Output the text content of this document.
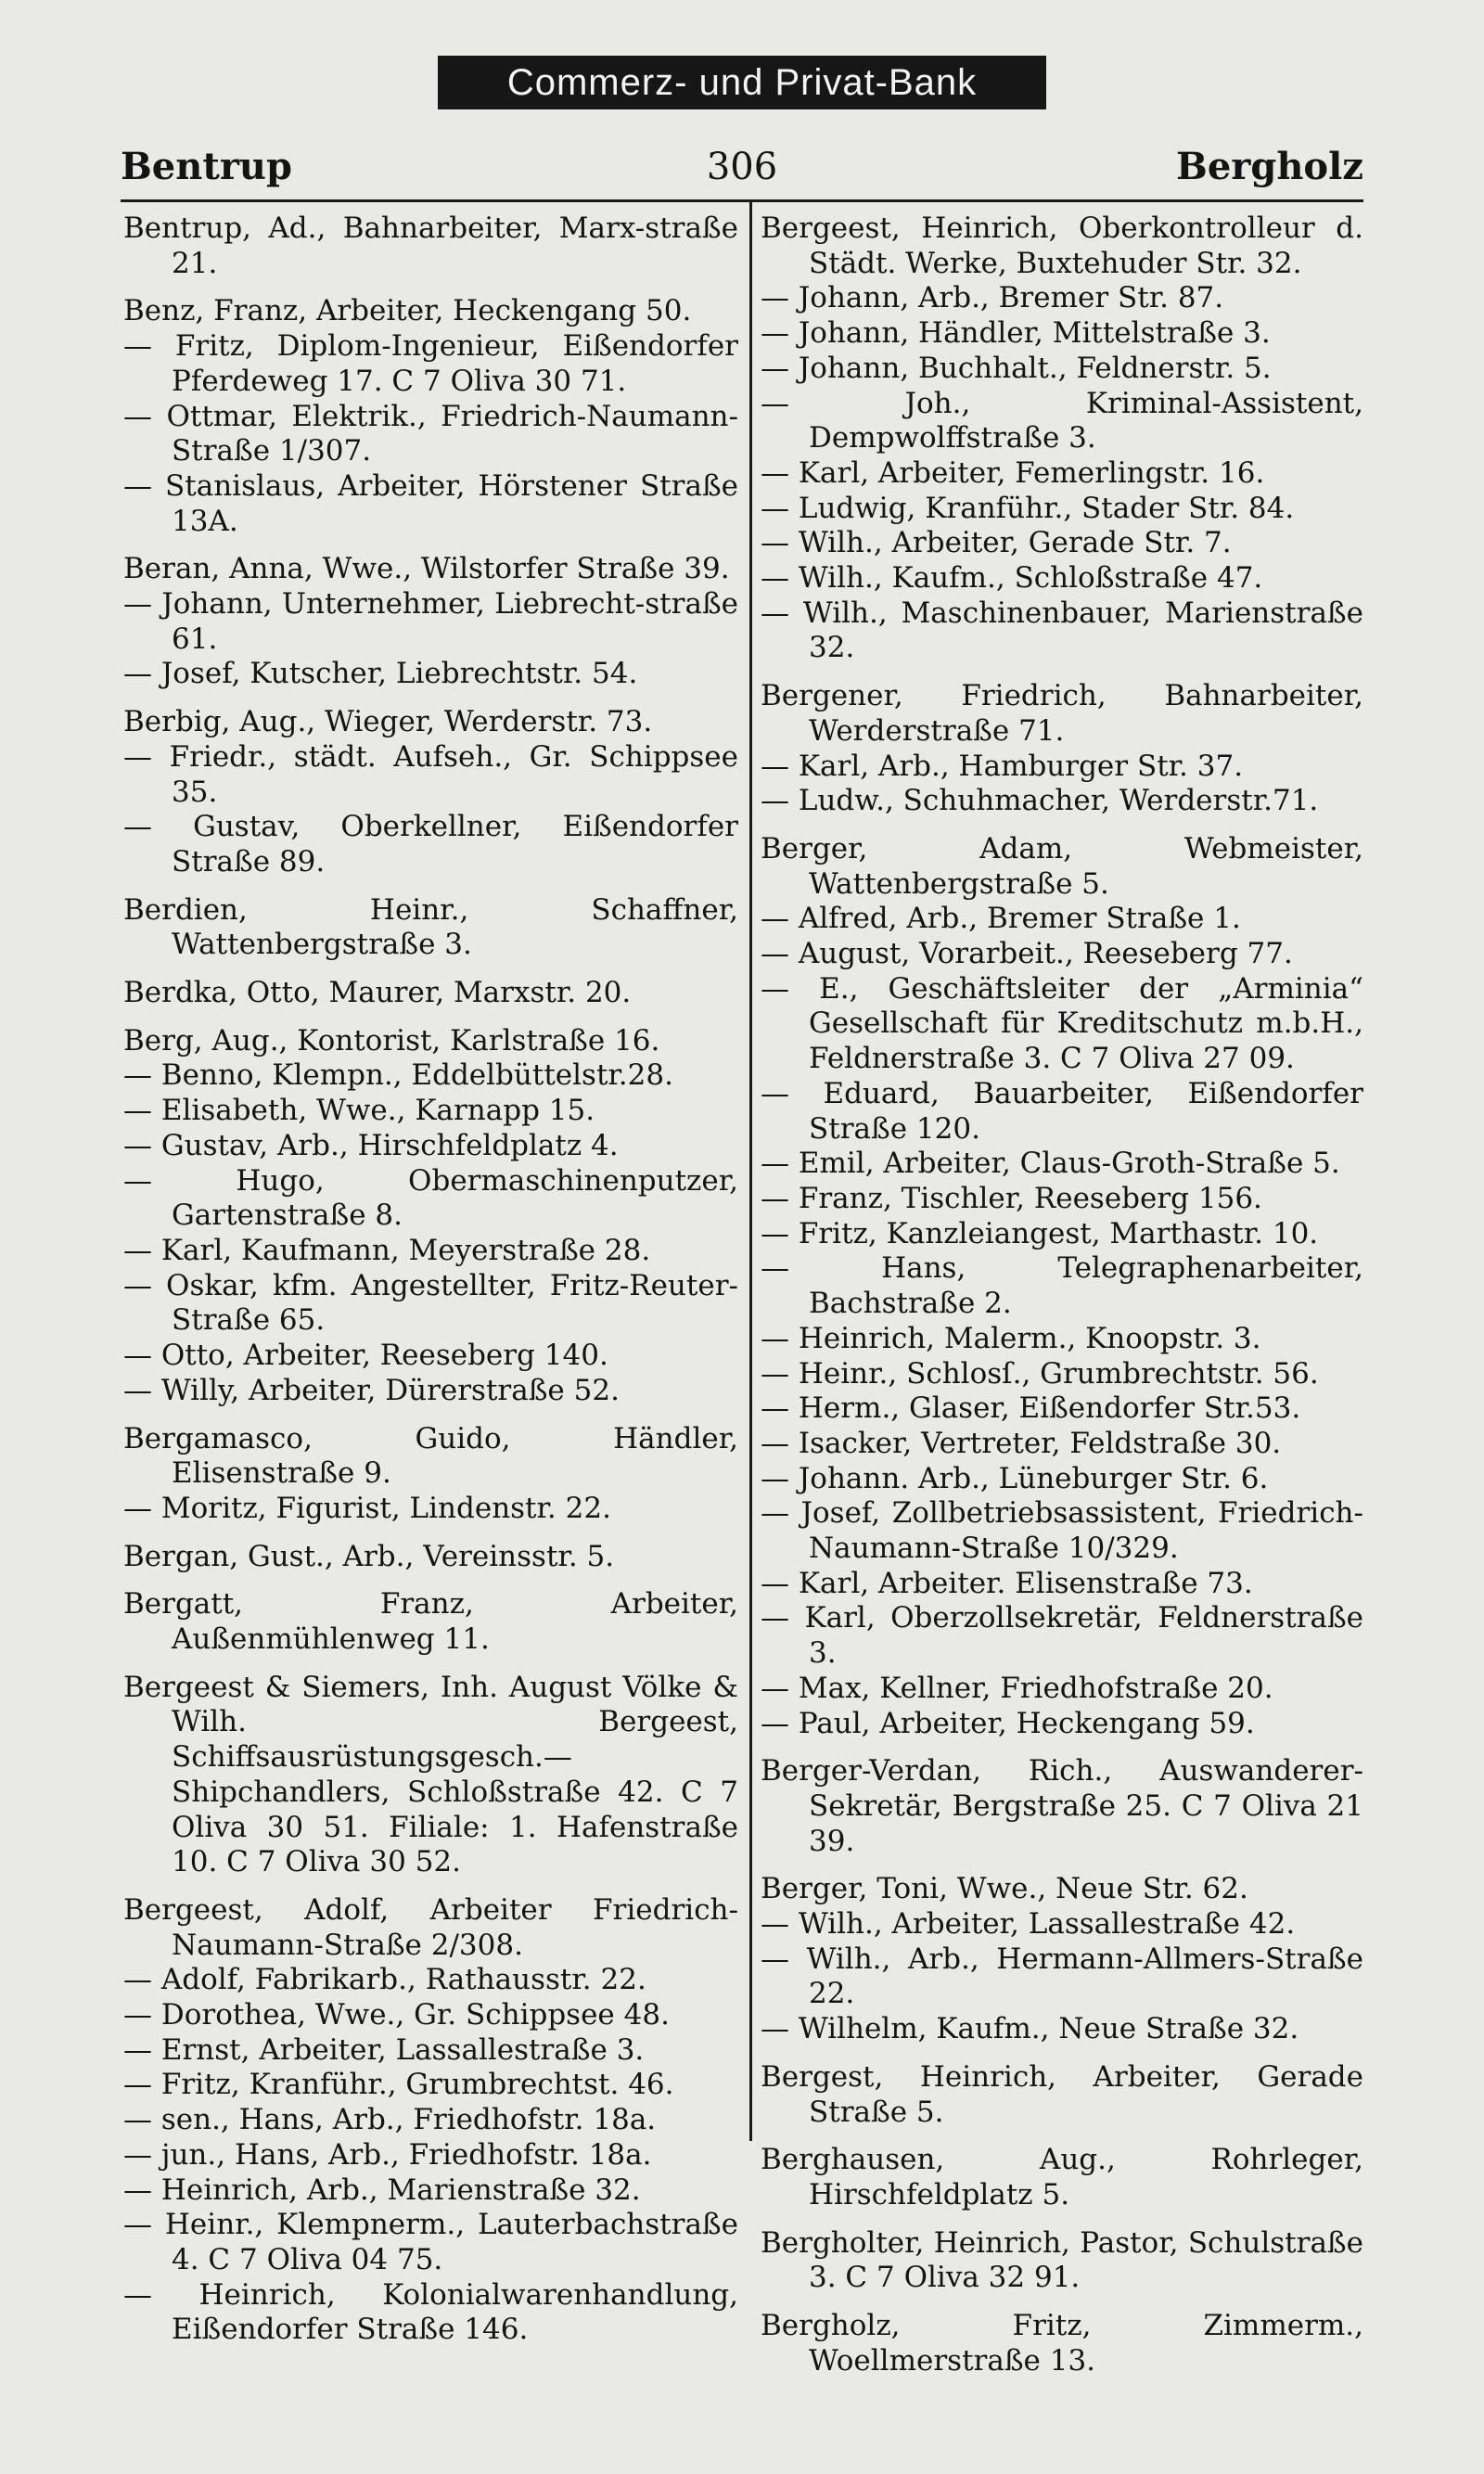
Commerz- und Privat-Bank
Bentrup	306	Bergholz

Bentrup, Ad., Bahnarbeiter, Marx-straße 21.

Benz, Franz, Arbeiter, Heckengang 50.

— Fritz, Diplom-Ingenieur, Eißendorfer Pferdeweg 17. C 7 Oliva 30 71.

— Ottmar, Elektrik., Friedrich-Naumann-Straße 1/307.

— Stanislaus, Arbeiter, Hörstener Straße 13A.

Beran, Anna, Wwe., Wilstorfer Straße 39.

— Johann, Unternehmer, Liebrecht-straße 61.

— Josef, Kutscher, Liebrechtstr. 54.

Berbig, Aug., Wieger, Werderstr. 73.

— Friedr., städt. Aufseh., Gr. Schippsee 35.

— Gustav, Oberkellner, Eißendorfer Straße 89.

Berdien, Heinr., Schaffner, Wattenbergstraße 3.

Berdka, Otto, Maurer, Marxstr. 20.

Berg, Aug., Kontorist, Karlstraße 16.

— Benno, Klempn., Eddelbüttelstr.28.

— Elisabeth, Wwe., Karnapp 15.

— Gustav, Arb., Hirschfeldplatz 4.

— Hugo, Obermaschinenputzer, Gartenstraße 8.

— Karl, Kaufmann, Meyerstraße 28.

— Oskar, kfm. Angestellter, Fritz-Reuter-Straße 65.

— Otto, Arbeiter, Reeseberg 140.

— Willy, Arbeiter, Dürerstraße 52.

Bergamasco, Guido, Händler, Elisenstraße 9.

— Moritz, Figurist, Lindenstr. 22.

Bergan, Gust., Arb., Vereinsstr. 5.

Bergatt, Franz, Arbeiter, Außenmühlenweg 11.

Bergeest & Siemers, Inh. August Völke & Wilh. Bergeest, Schiffsausrüstungsgesch.—Shipchandlers, Schloßstraße 42. C 7 Oliva 30 51. Filiale: 1. Hafenstraße 10. C 7 Oliva 30 52.

Bergeest, Adolf, Arbeiter Friedrich-Naumann-Straße 2/308.

— Adolf, Fabrikarb., Rathausstr. 22.

— Dorothea, Wwe., Gr. Schippsee 48.

— Ernst, Arbeiter, Lassallestraße 3.

— Fritz, Kranführ., Grumbrechtst. 46.

— sen., Hans, Arb., Friedhofstr. 18a.

— jun., Hans, Arb., Friedhofstr. 18a.

— Heinrich, Arb., Marienstraße 32.

— Heinr., Klempnerm., Lauterbachstraße 4. C 7 Oliva 04 75.

— Heinrich, Kolonialwarenhandlung, Eißendorfer Straße 146.

Bergeest, Heinrich, Oberkontrolleur d. Städt. Werke, Buxtehuder Str. 32.

— Johann, Arb., Bremer Str. 87.

— Johann, Händler, Mittelstraße 3.

— Johann, Buchhalt., Feldnerstr. 5.

— Joh., Kriminal-Assistent, Dempwolffstraße 3.

— Karl, Arbeiter, Femerlingstr. 16.

— Ludwig, Kranführ., Stader Str. 84.

— Wilh., Arbeiter, Gerade Str. 7.

— Wilh., Kaufm., Schloßstraße 47.

— Wilh., Maschinenbauer, Marienstraße 32.

Bergener, Friedrich, Bahnarbeiter, Werderstraße 71.

— Karl, Arb., Hamburger Str. 37.

— Ludw., Schuhmacher, Werderstr.71.

Berger, Adam, Webmeister, Wattenbergstraße 5.

— Alfred, Arb., Bremer Straße 1.

— August, Vorarbeit., Reeseberg 77.

— E., Geschäftsleiter der „Arminia“ Gesellschaft für Kreditschutz m.b.H., Feldnerstraße 3. C 7 Oliva 27 09.

— Eduard, Bauarbeiter, Eißendorfer Straße 120.

— Emil, Arbeiter, Claus-Groth-Straße 5.

— Franz, Tischler, Reeseberg 156.

— Fritz, Kanzleiangest, Marthastr. 10.

— Hans, Telegraphenarbeiter, Bachstraße 2.

— Heinrich, Malerm., Knoopstr. 3.

— Heinr., Schlosſ., Grumbrechtstr. 56.

— Herm., Glaser, Eißendorfer Str.53.

— Isacker, Vertreter, Feldstraße 30.

— Johann. Arb., Lüneburger Str. 6.

— Josef, Zollbetriebsassistent, Friedrich-Naumann-Straße 10/329.

— Karl, Arbeiter. Elisenstraße 73.

— Karl, Oberzollsekretär, Feldnerstraße 3.

— Max, Kellner, Friedhofstraße 20.

— Paul, Arbeiter, Heckengang 59.

Berger-Verdan, Rich., Auswanderer-Sekretär, Bergstraße 25. C 7 Oliva 21 39.

Berger, Toni, Wwe., Neue Str. 62.

— Wilh., Arbeiter, Lassallestraße 42.

— Wilh., Arb., Hermann-Allmers-Straße 22.

— Wilhelm, Kaufm., Neue Straße 32.

Bergest, Heinrich, Arbeiter, Gerade Straße 5.

Berghausen, Aug., Rohrleger, Hirschfeldplatz 5.

Bergholter, Heinrich, Pastor, Schulstraße 3. C 7 Oliva 32 91.

Bergholz, Fritz, Zimmerm., Woellmerstraße 13.
